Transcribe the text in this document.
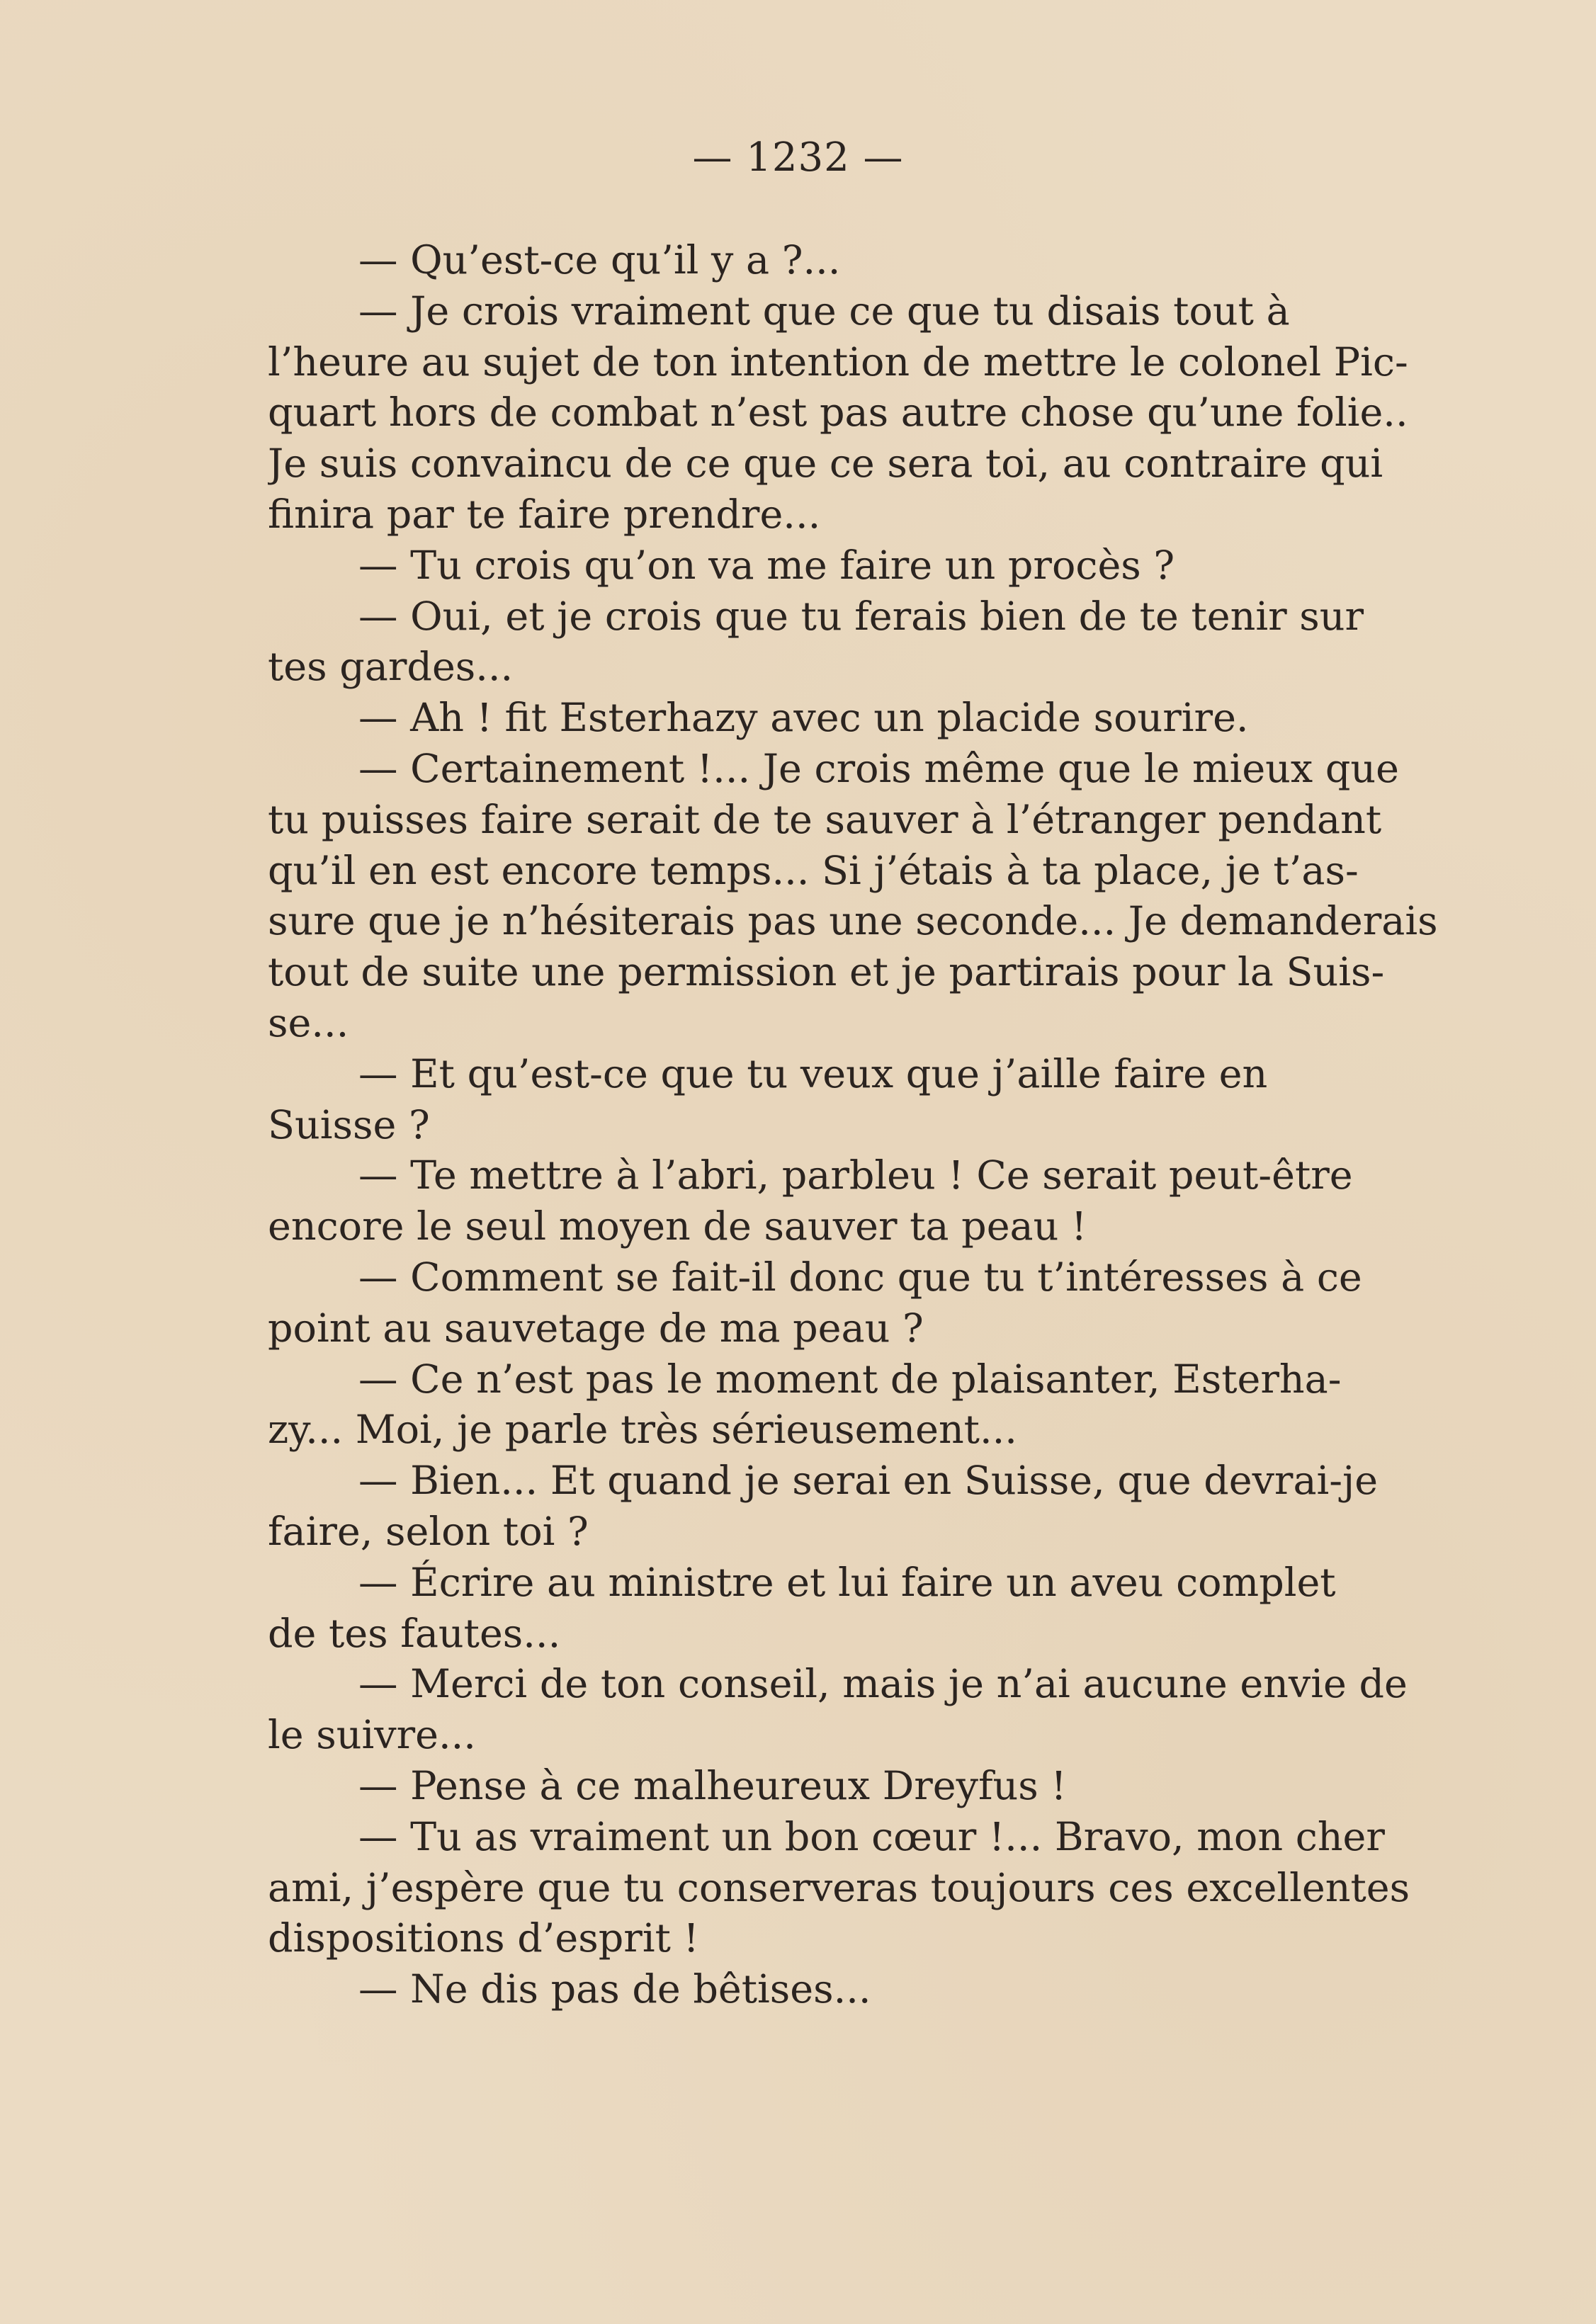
— 1232 —
— Qu’est-ce qu’il y a ?...
— Je crois vraiment que ce que tu disais tout à
l’heure au sujet de ton intention de mettre le colonel Pic-
quart hors de combat n’est pas autre chose qu’une folie..
Je suis convaincu de ce que ce sera toi, au contraire qui
finira par te faire prendre...
— Tu crois qu’on va me faire un procès ?
— Oui, et je crois que tu ferais bien de te tenir sur
tes gardes...
— Ah ! fit Esterhazy avec un placide sourire.
— Certainement !... Je crois même que le mieux que
tu puisses faire serait de te sauver à l’étranger pendant
qu’il en est encore temps... Si j’étais à ta place, je t’as-
sure que je n’hésiterais pas une seconde... Je demanderais
tout de suite une permission et je partirais pour la Suis-
se...
— Et qu’est-ce que tu veux que j’aille faire en
Suisse ?
— Te mettre à l’abri, parbleu ! Ce serait peut-être
encore le seul moyen de sauver ta peau !
— Comment se fait-il donc que tu t’intéresses à ce
point au sauvetage de ma peau ?
— Ce n’est pas le moment de plaisanter, Esterha-
zy... Moi, je parle très sérieusement...
— Bien... Et quand je serai en Suisse, que devrai-je
faire, selon toi ?
— Écrire au ministre et lui faire un aveu complet
de tes fautes...
— Merci de ton conseil, mais je n’ai aucune envie de
le suivre...
— Pense à ce malheureux Dreyfus !
— Tu as vraiment un bon cœur !... Bravo, mon cher
ami, j’espère que tu conserveras toujours ces excellentes
dispositions d’esprit !
— Ne dis pas de bêtises...
